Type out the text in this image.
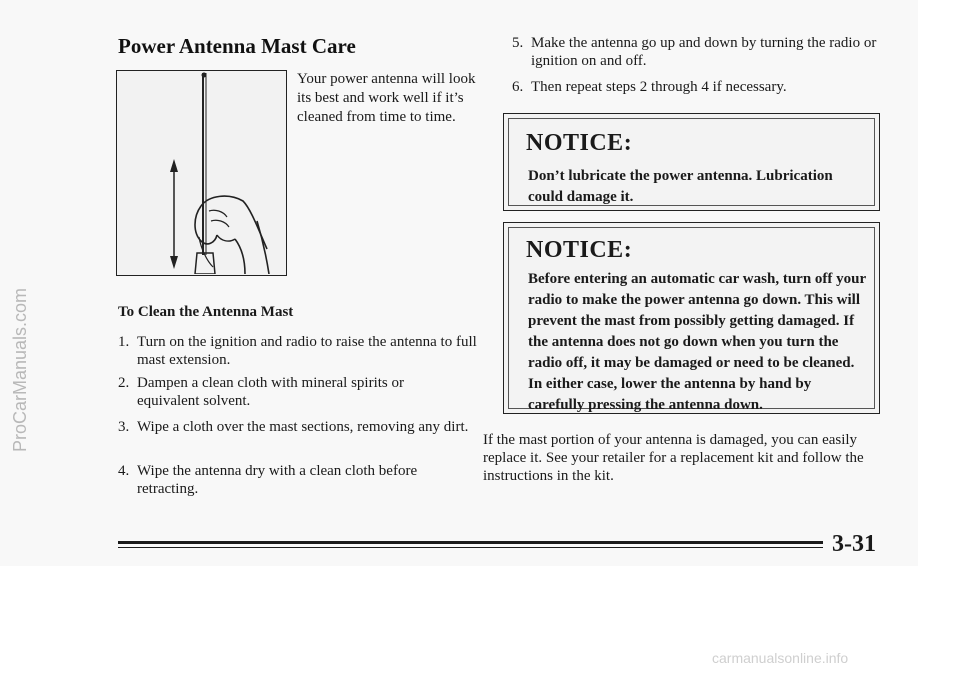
Power Antenna Mast Care

Your power antenna will look its best and work well if it’s cleaned from time to time.

To Clean the Antenna Mast
1. Turn on the ignition and radio to raise the antenna to full mast extension.
2. Dampen a clean cloth with mineral spirits or equivalent solvent.
3. Wipe a cloth over the mast sections, removing any dirt.
4. Wipe the antenna dry with a clean cloth before retracting.
5. Make the antenna go up and down by turning the radio or ignition on and off.
6. Then repeat steps 2 through 4 if necessary.
NOTICE:

Don’t lubricate the power antenna. Lubrication could damage it.

NOTICE:

Before entering an automatic car wash, turn off your radio to make the power antenna go down. This will prevent the mast from possibly getting damaged. If the antenna does not go down when you turn the radio off, it may be damaged or need to be cleaned. In either case, lower the antenna by hand by carefully pressing the antenna down.

If the mast portion of your antenna is damaged, you can easily replace it. See your retailer for a replacement kit and follow the instructions in the kit.

3-31
ProCarManuals.com
carmanualsonline.info
